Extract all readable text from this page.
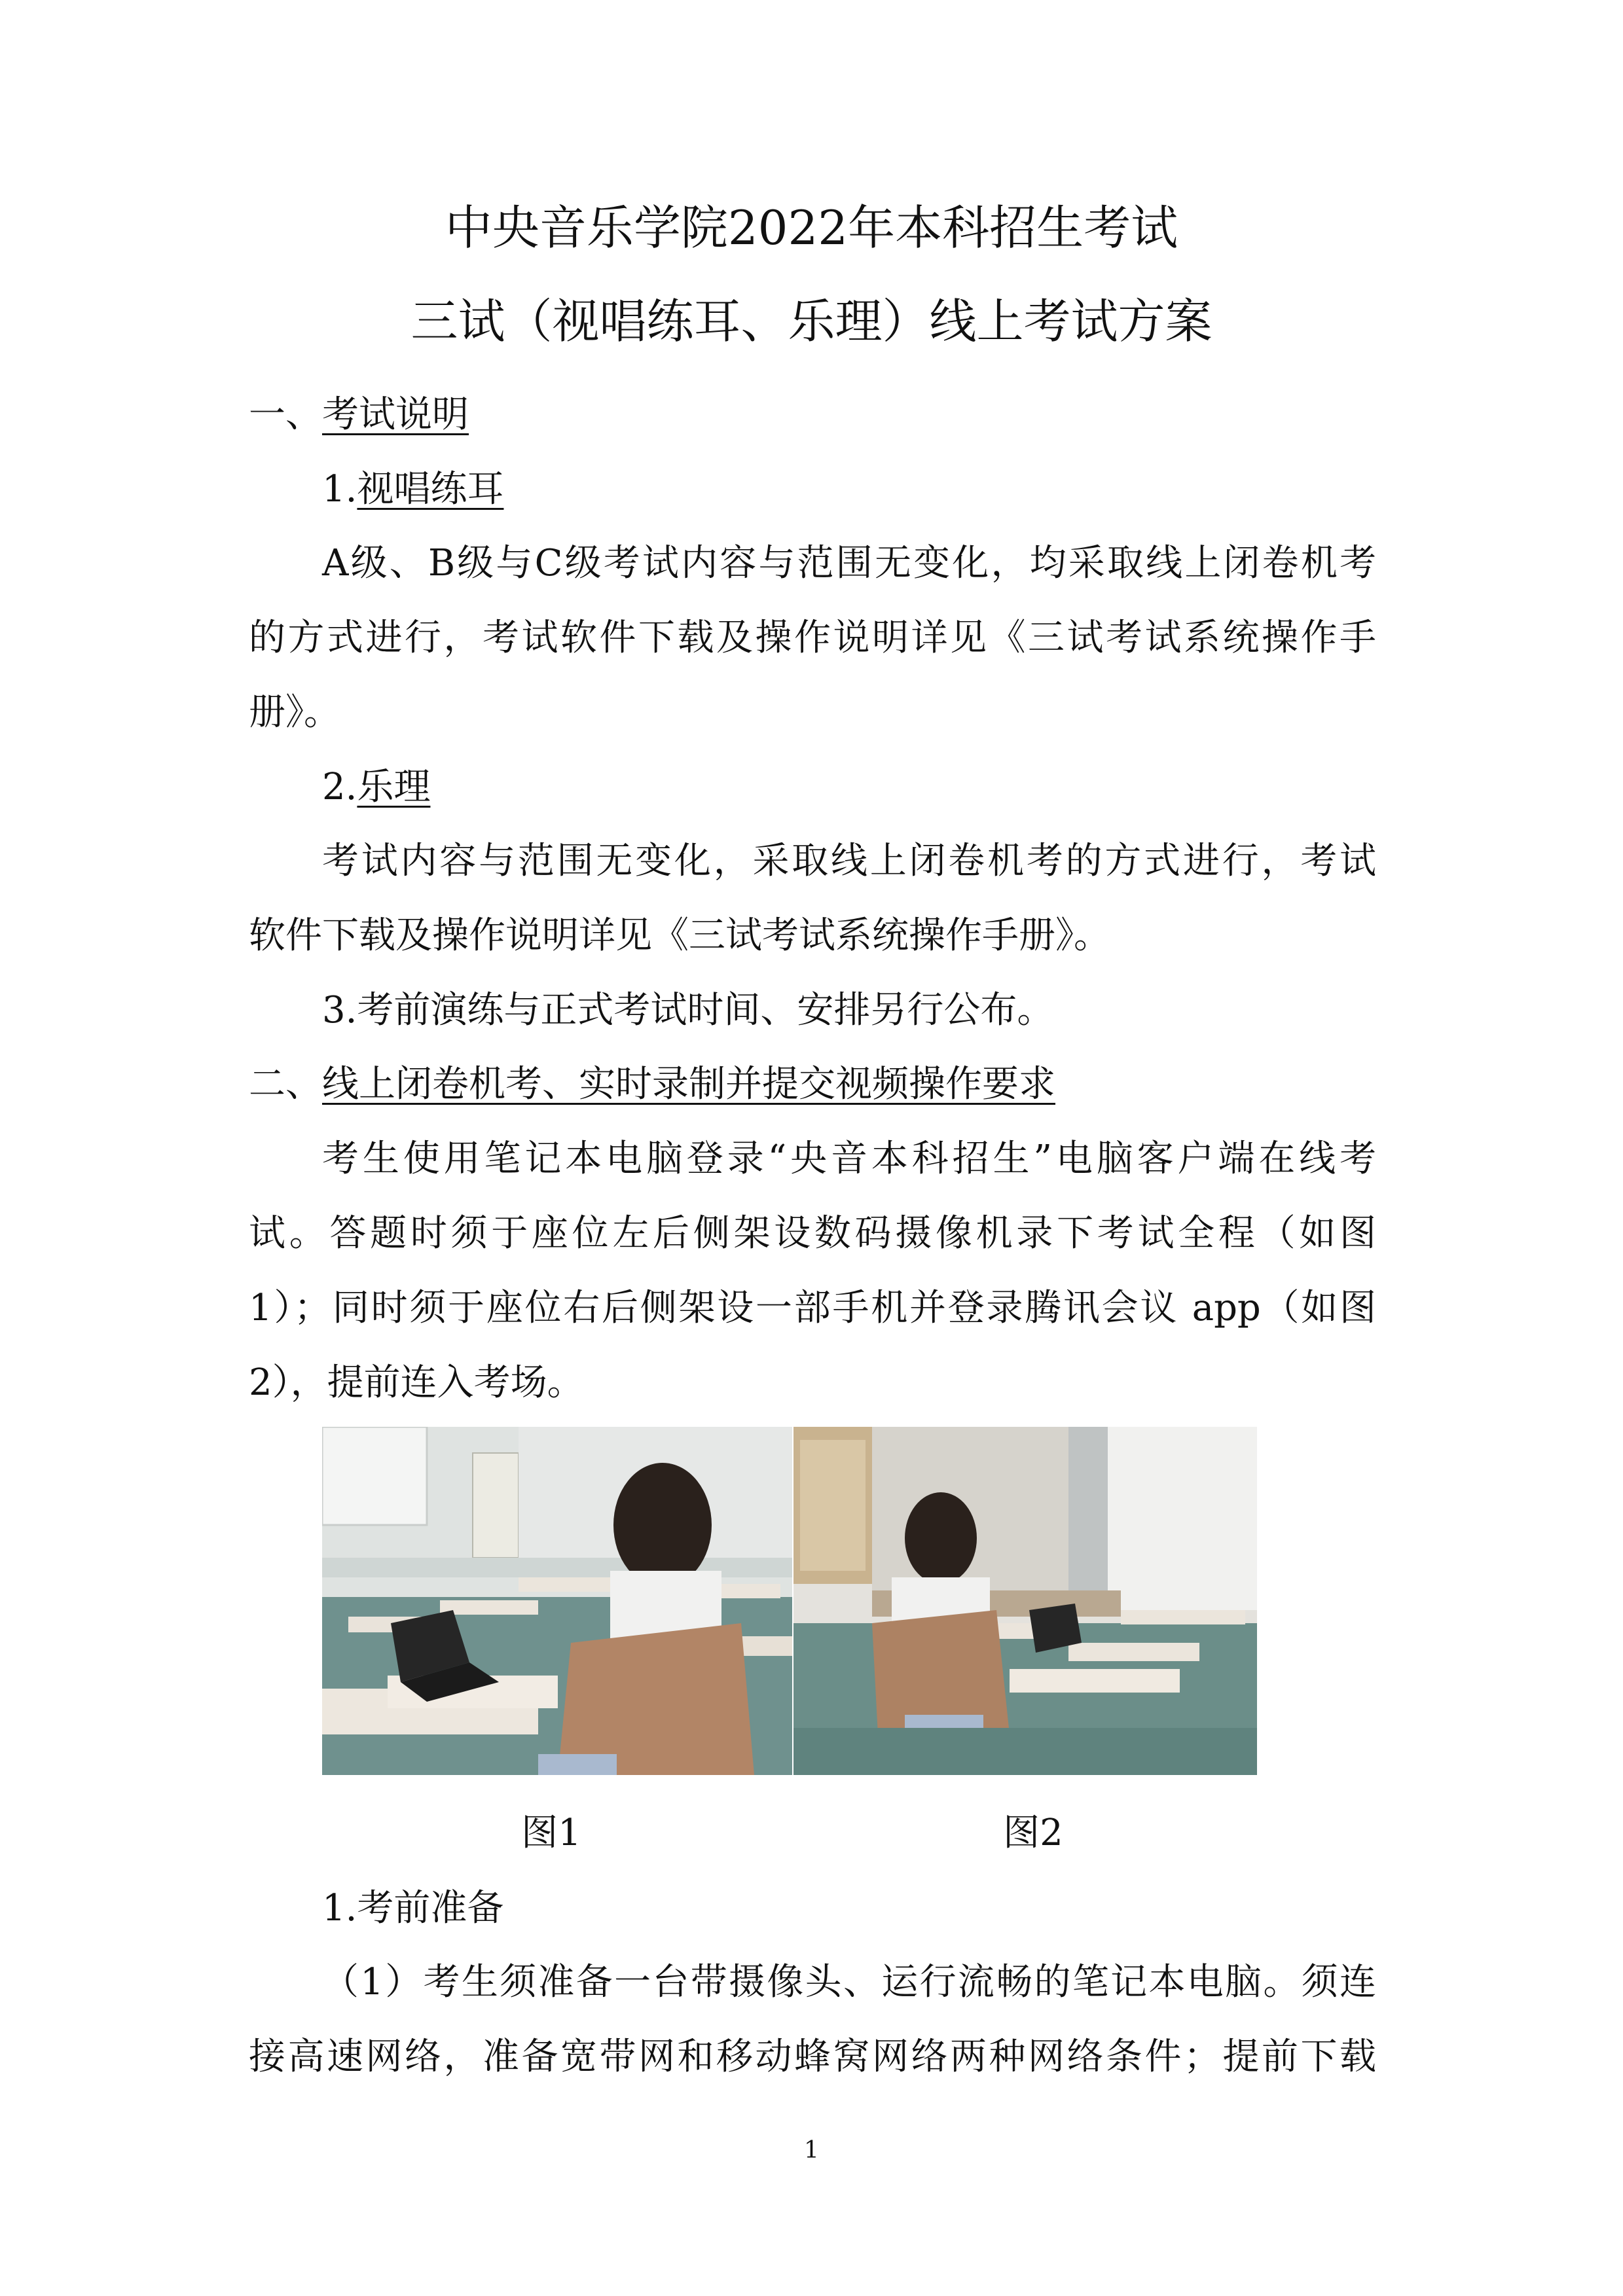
中央音乐学院2022年本科招生考试

三试（视唱练耳、乐理）线上考试方案

一、考试说明

1.视唱练耳

A级、B级与C级考试内容与范围无变化，均采取线上闭卷机考

的方式进行，考试软件下载及操作说明详见《三试考试系统操作手

册》。

2.乐理

考试内容与范围无变化，采取线上闭卷机考的方式进行，考试

软件下载及操作说明详见《三试考试系统操作手册》。

3.考前演练与正式考试时间、安排另行公布。

二、线上闭卷机考、实时录制并提交视频操作要求

考生使用笔记本电脑登录“央音本科招生”电脑客户端在线考

试。答题时须于座位左后侧架设数码摄像机录下考试全程（如图

1）；同时须于座位右后侧架设一部手机并登录腾讯会议 app（如图

2），提前连入考场。

图1	图2

1.考前准备

（1）考生须准备一台带摄像头、运行流畅的笔记本电脑。须连

接高速网络，准备宽带网和移动蜂窝网络两种网络条件；提前下载

1
